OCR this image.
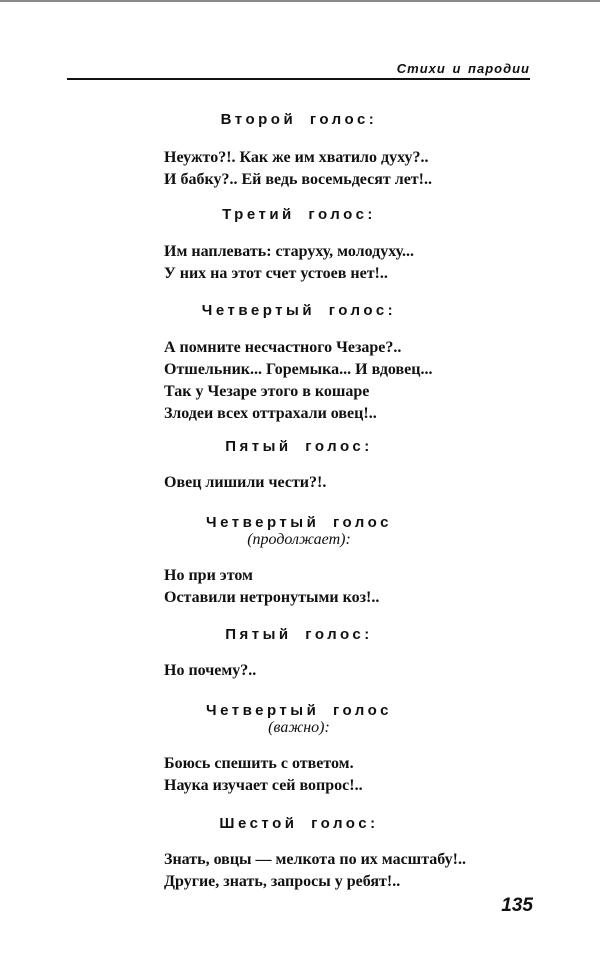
Стихи и пародии
Второй голос:
Неужто?!. Как же им хватило духу?..
И бабку?.. Ей ведь восемьдесят лет!..
Третий голос:
Им наплевать: старуху, молодуху...
У них на этот счет устоев нет!..
Четвертый голос:
А помните несчастного Чезаре?..
Отшельник... Горемыка... И вдовец...
Так у Чезаре этого в кошаре
Злодеи всех оттрахали овец!..
Пятый голос:
Овец лишили чести?!.
Четвертый голос
(продолжает):
Но при этом
Оставили нетронутыми коз!..
Пятый голос:
Но почему?..
Четвертый голос
(важно):
Боюсь спешить с ответом.
Наука изучает сей вопрос!..
Шестой голос:
Знать, овцы — мелкота по их масштабу!..
Другие, знать, запросы у ребят!..
135
